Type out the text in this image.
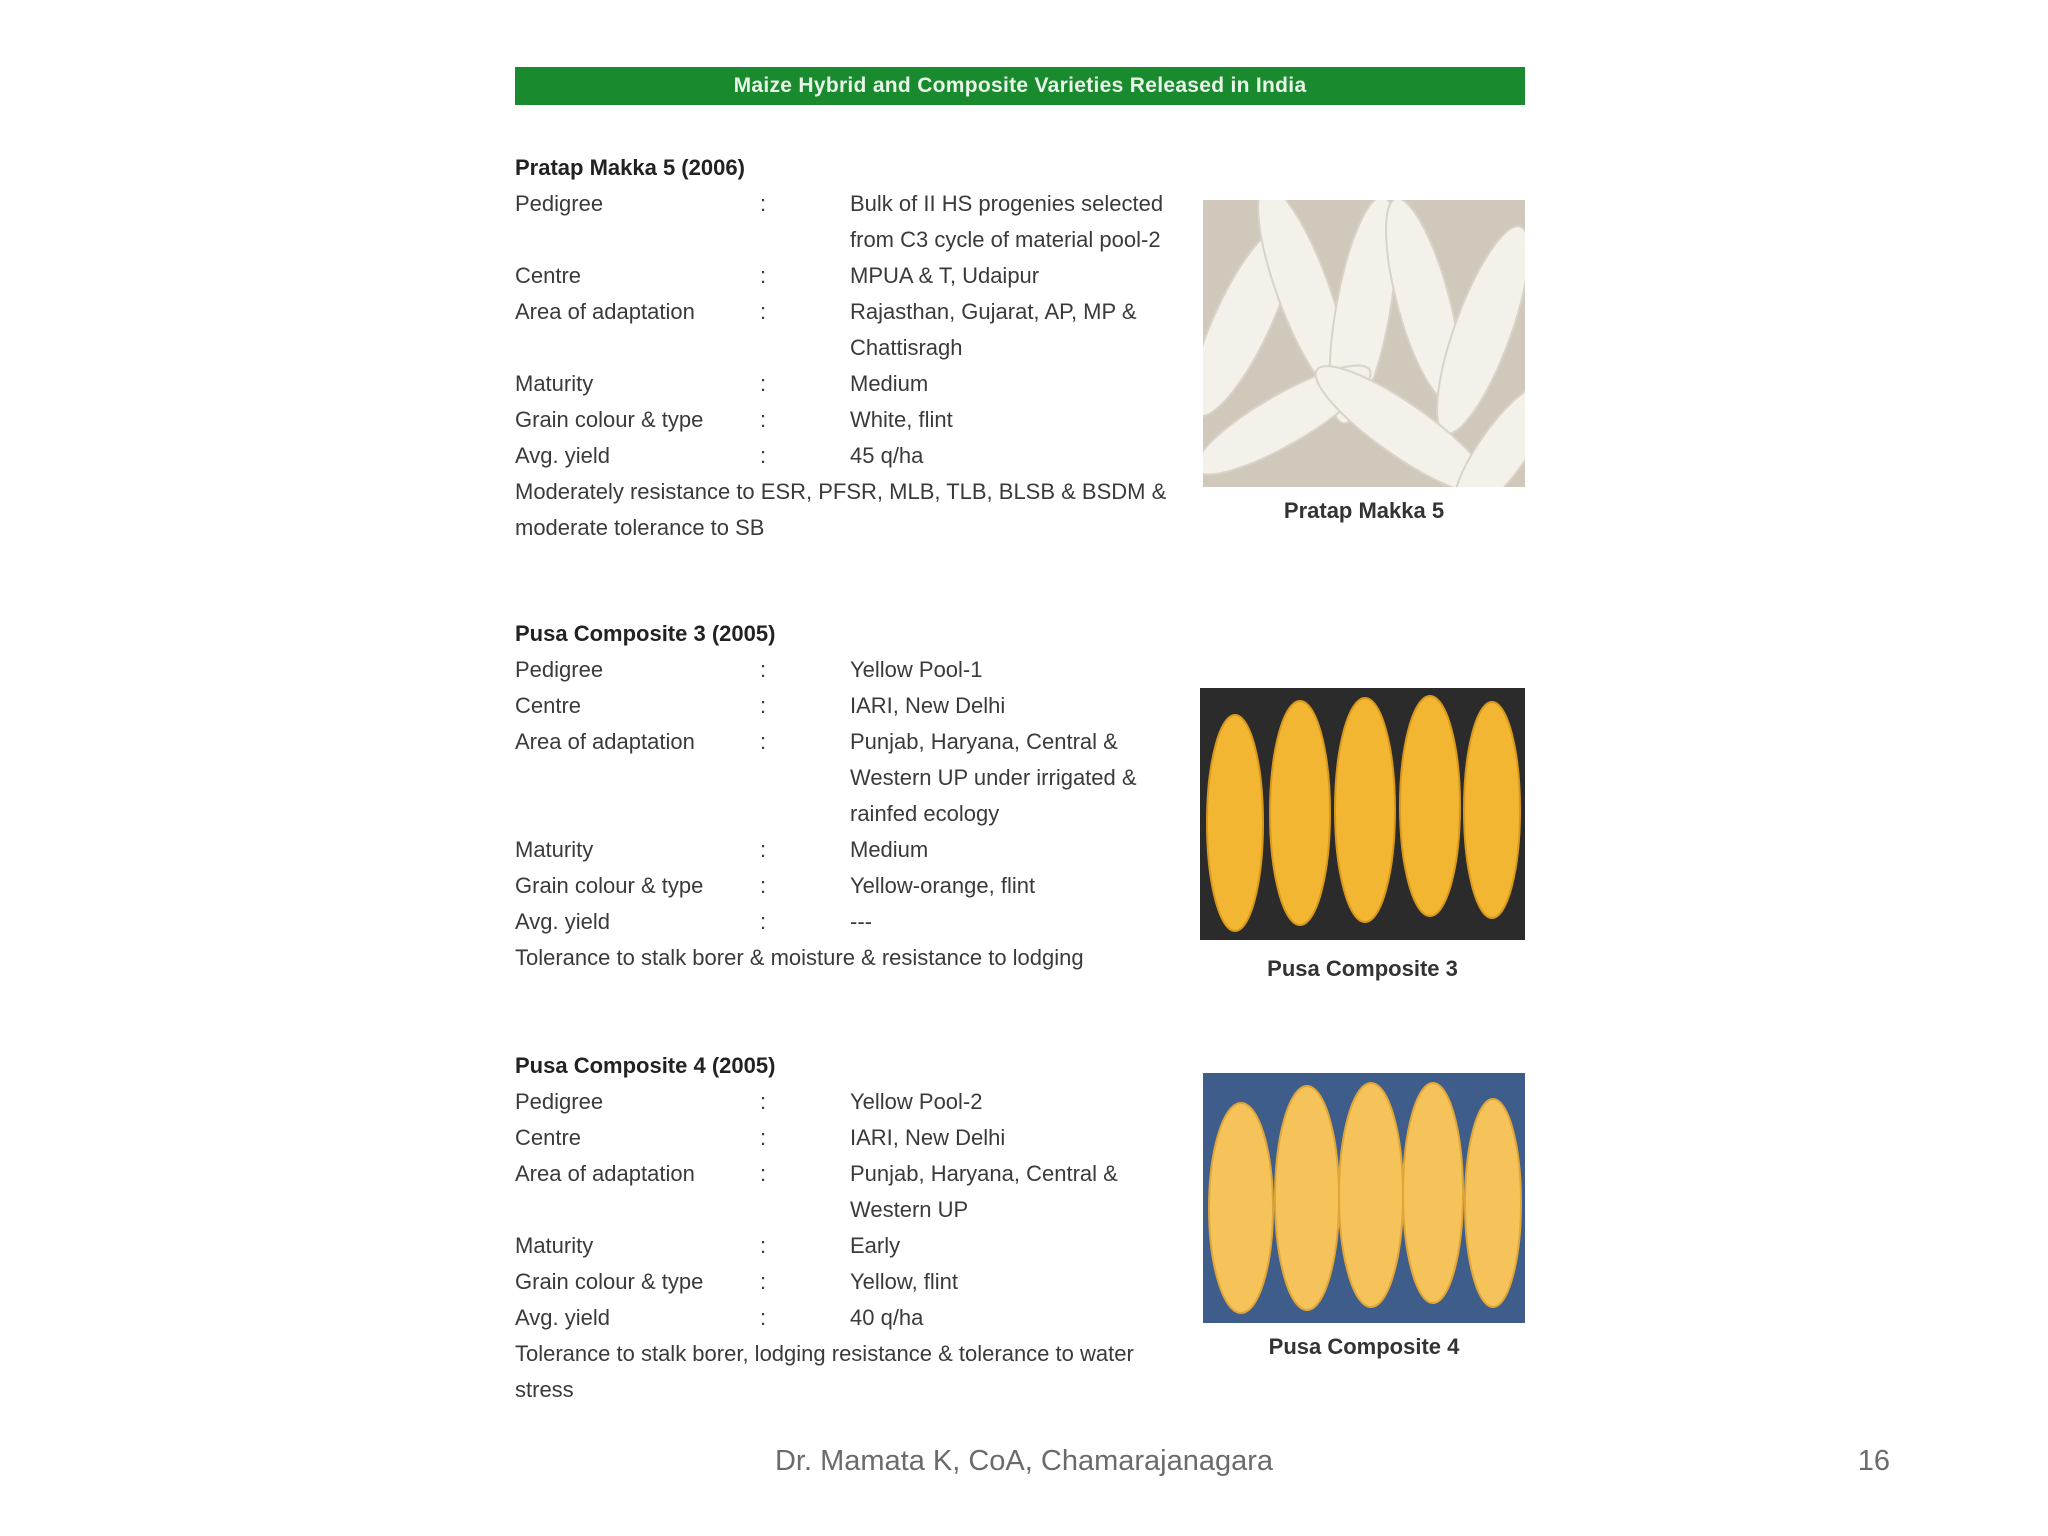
Maize Hybrid and Composite Varieties Released in India
Pratap Makka 5 (2006)
Pedigree	:	Bulk of II HS progenies selected from C3 cycle of material pool-2
Centre	:	MPUA & T, Udaipur
Area of adaptation	:	Rajasthan, Gujarat, AP, MP & Chattisragh
Maturity	:	Medium
Grain colour & type	:	White, flint
Avg. yield	:	45 q/ha
Moderately resistance to ESR, PFSR, MLB, TLB, BLSB & BSDM & moderate tolerance to SB
Pratap Makka 5
Pusa Composite 3 (2005)
Pedigree	:	Yellow Pool-1
Centre	:	IARI, New Delhi
Area of adaptation	:	Punjab, Haryana, Central & Western UP under irrigated & rainfed ecology
Maturity	:	Medium
Grain colour & type	:	Yellow-orange, flint
Avg. yield	:	---
Tolerance to stalk borer & moisture & resistance to lodging	Pusa Composite 3
Pusa Composite 4 (2005)
Pedigree	:	Yellow Pool-2
Centre	:	IARI, New Delhi
Area of adaptation	:	Punjab, Haryana, Central & Western UP
Maturity	:	Early
Grain colour & type	:	Yellow, flint
Avg. yield	:	40 q/ha
Tolerance to stalk borer, lodging resistance & tolerance to water stress
Pusa Composite 4
Dr. Mamata K, CoA, Chamarajanagara	16
